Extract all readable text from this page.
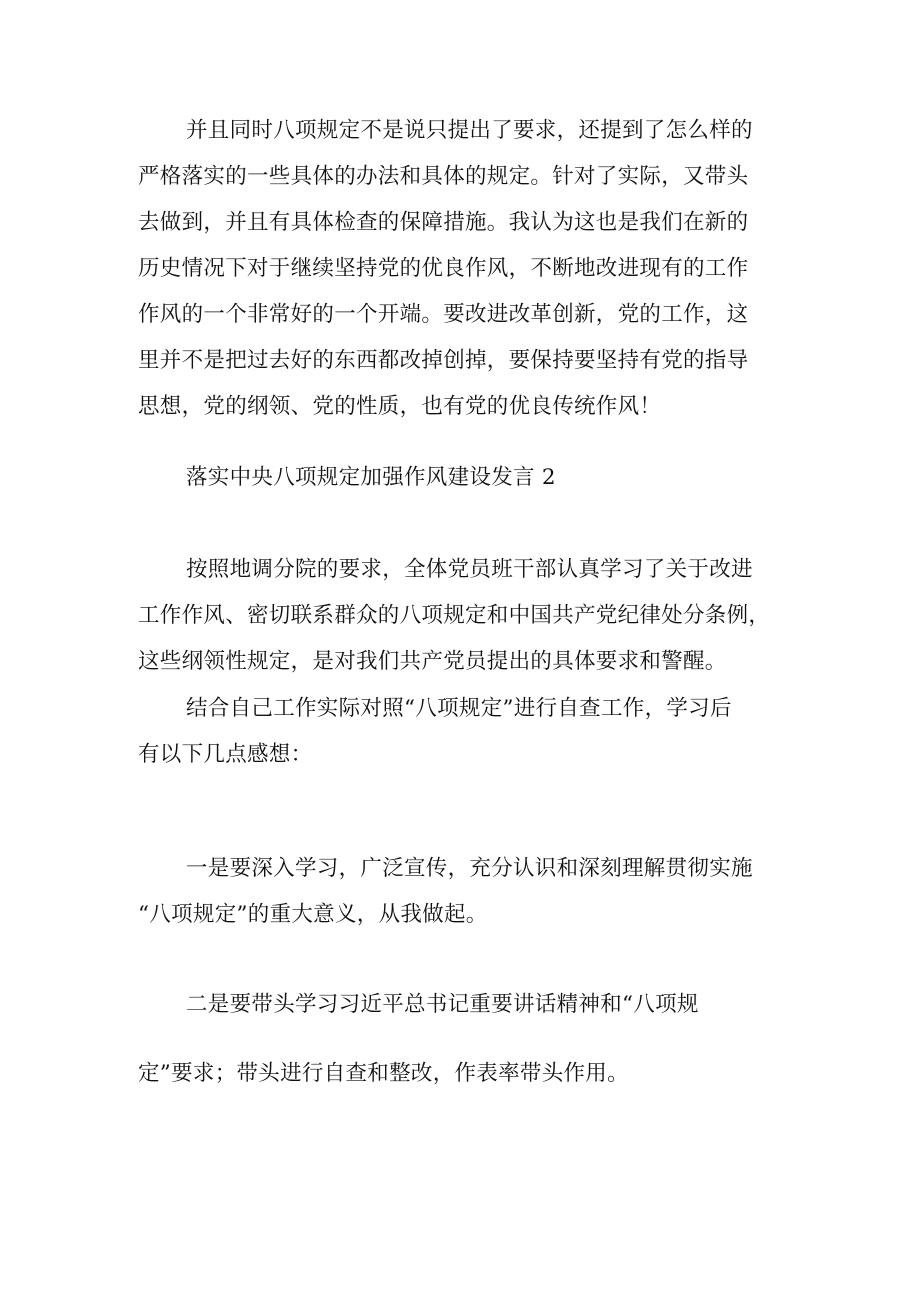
并且同时八项规定不是说只提出了要求，还提到了怎么样的
严格落实的一些具体的办法和具体的规定。针对了实际，又带头
去做到，并且有具体检查的保障措施。我认为这也是我们在新的
历史情况下对于继续坚持党的优良作风，不断地改进现有的工作
作风的一个非常好的一个开端。要改进改革创新，党的工作，这
里并不是把过去好的东西都改掉创掉，要保持要坚持有党的指导
思想，党的纲领、党的性质，也有党的优良传统作风！
落实中央八项规定加强作风建设发言 2
按照地调分院的要求，全体党员班干部认真学习了关于改进
工作作风、密切联系群众的八项规定和中国共产党纪律处分条例，
这些纲领性规定，是对我们共产党员提出的具体要求和警醒。
结合自己工作实际对照“八项规定”进行自查工作，学习后
有以下几点感想：
一是要深入学习，广泛宣传，充分认识和深刻理解贯彻实施
“八项规定”的重大意义，从我做起。
二是要带头学习习近平总书记重要讲话精神和“八项规
定”要求；带头进行自查和整改，作表率带头作用。
